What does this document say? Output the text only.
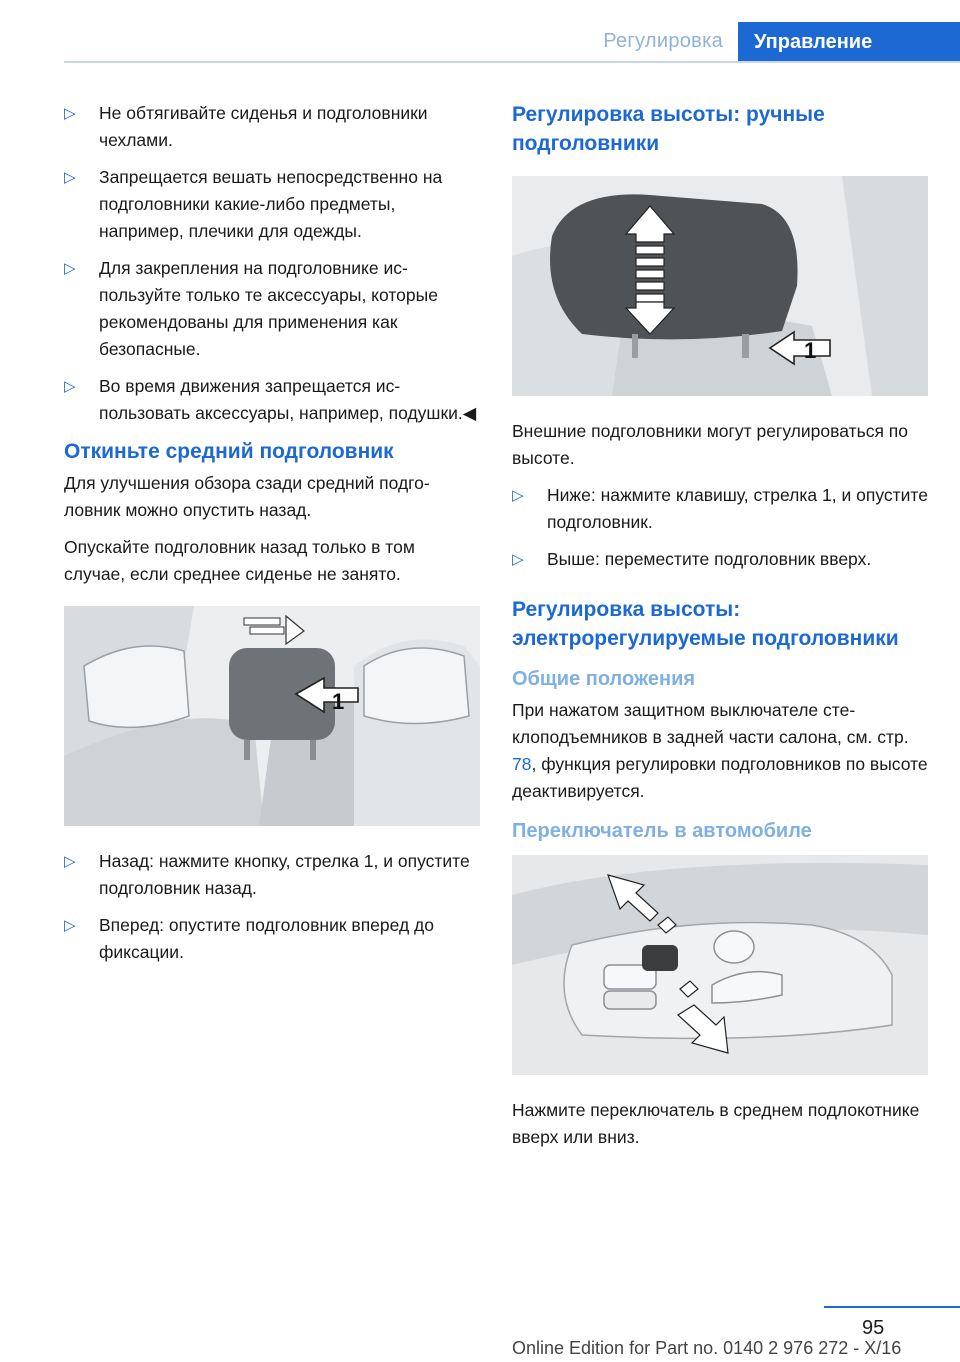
Регулировка	Управление
▷ Не обтягивайте сиденья и подголовники чехлами.
▷ Запрещается вешать непосредственно на подголовники какие-либо предметы, например, плечики для одежды.
▷ Для закрепления на подголовнике используйте только те аксессуары, которые рекомендованы для применения как безопасные.
▷ Во время движения запрещается использовать аксессуары, например, подушки.◀
Откиньте средний подголовник
Для улучшения обзора сзади средний подголовник можно опустить назад.
Опускайте подголовник назад только в том случае, если среднее сиденье не занято.
1
▷ Назад: нажмите кнопку, стрелка 1, и опустите подголовник назад.
▷ Вперед: опустите подголовник вперед до фиксации.
Регулировка высоты: ручные подголовники
1
Внешние подголовники могут регулироваться по высоте.
▷ Ниже: нажмите клавишу, стрелка 1, и опустите подголовник.
▷ Выше: переместите подголовник вверх.
Регулировка высоты: электрорегулируемые подголовники
Общие положения
При нажатом защитном выключателе стеклоподъемников в задней части салона, см. стр. 78, функция регулировки подголовников по высоте деактивируется.
Переключатель в автомобиле
Нажмите переключатель в среднем подлокотнике вверх или вниз.
95
Online Edition for Part no. 0140 2 976 272 - X/16
